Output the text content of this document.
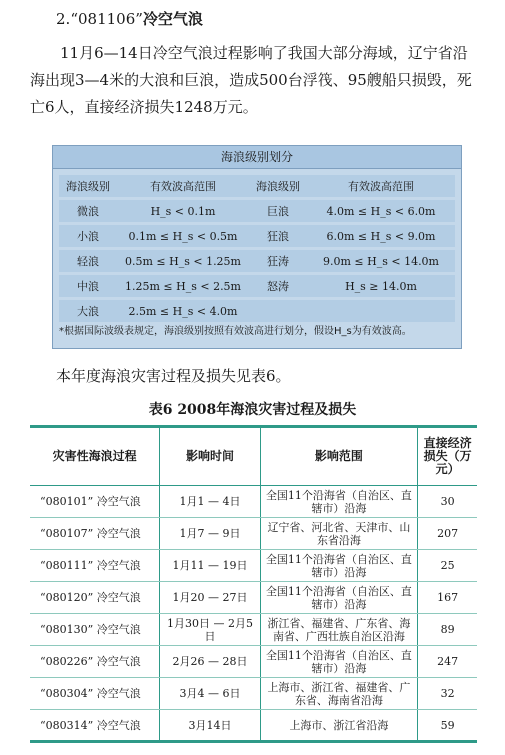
2.“081106”冷空气浪
11月6—14日冷空气浪过程影响了我国大部分海域，辽宁省沿海出现3—4米的大浪和巨浪，造成500台浮筏、95艘船只损毁，死亡6人，直接经济损失1248万元。
海浪级别划分
海浪级别	有效波高范围	海浪级别	有效波高范围
微浪	H_s < 0.1m	巨浪	4.0m ≤ H_s < 6.0m
小浪	0.1m ≤ H_s < 0.5m	狂浪	6.0m ≤ H_s < 9.0m
轻浪	0.5m ≤ H_s < 1.25m	狂涛	9.0m ≤ H_s < 14.0m
中浪	1.25m ≤ H_s < 2.5m	怒涛	H_s ≥ 14.0m
大浪	2.5m ≤ H_s < 4.0m		
*根据国际波级表规定，海浪级别按照有效波高进行划分，假设H_s为有效波高。
本年度海浪灾害过程及损失见表6。
表6 2008年海浪灾害过程及损失
灾害性海浪过程	影响时间	影响范围	直接经济损失（万元）
“080101” 冷空气浪	1月1 — 4日	全国11个沿海省（自治区、直辖市）沿海	30
“080107” 冷空气浪	1月7 — 9日	辽宁省、河北省、天津市、山东省沿海	207
“080111” 冷空气浪	1月11 — 19日	全国11个沿海省（自治区、直辖市）沿海	25
“080120” 冷空气浪	1月20 — 27日	全国11个沿海省（自治区、直辖市）沿海	167
“080130” 冷空气浪	1月30日 — 2月5日	浙江省、福建省、广东省、海南省、广西壮族自治区沿海	89
“080226” 冷空气浪	2月26 — 28日	全国11个沿海省（自治区、直辖市）沿海	247
“080304” 冷空气浪	3月4 — 6日	上海市、浙江省、福建省、广东省、海南省沿海	32
“080314” 冷空气浪	3月14日	上海市、浙江省沿海	59
